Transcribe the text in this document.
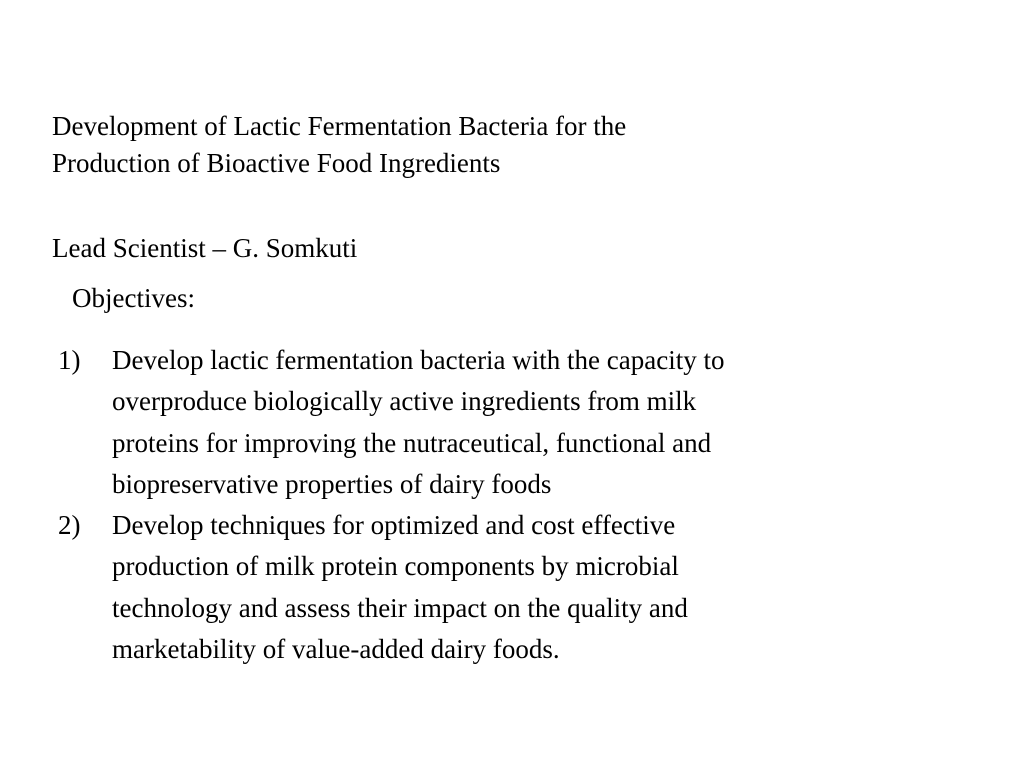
Development of Lactic Fermentation Bacteria for the
Production of Bioactive Food Ingredients
Lead Scientist – G. Somkuti
Objectives:
1) Develop lactic fermentation bacteria with the capacity to
overproduce biologically active ingredients from milk
proteins for improving the nutraceutical, functional and
biopreservative properties of dairy foods
2) Develop techniques for optimized and cost effective
production of milk protein components by microbial
technology and assess their impact on the quality and
marketability of value-added dairy foods.
